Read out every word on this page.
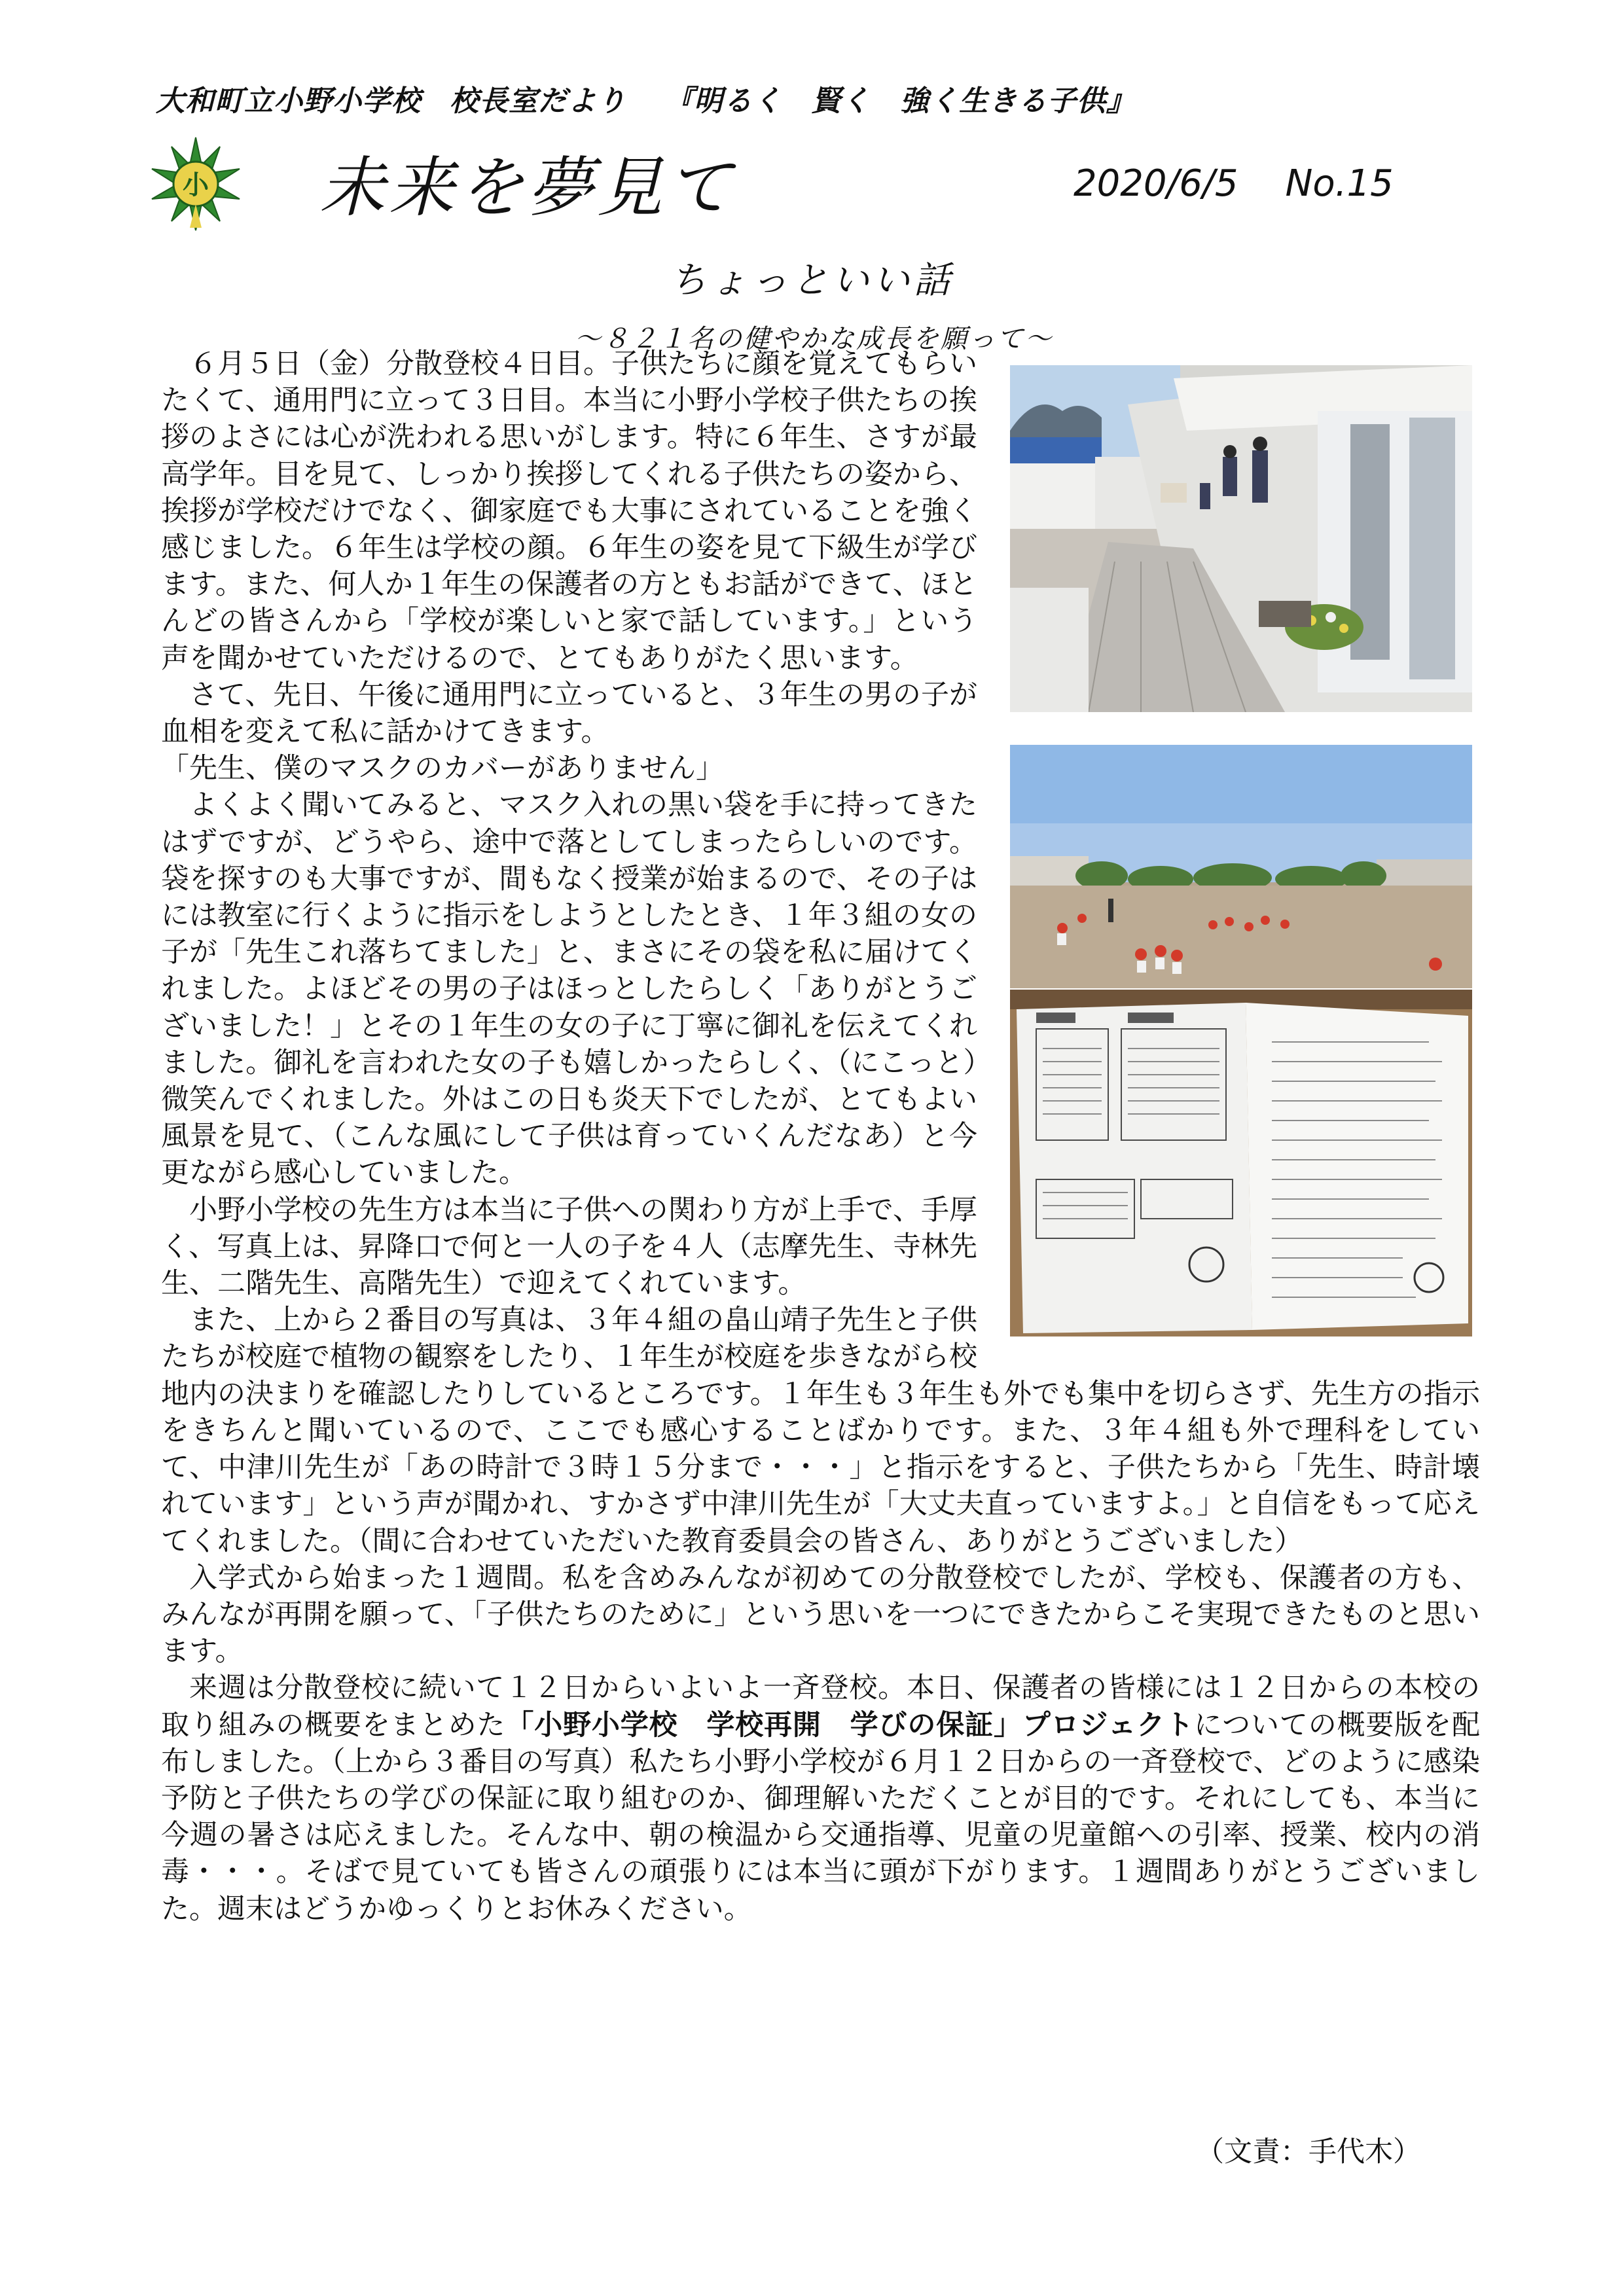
大和町立小野小学校 校長室だより 『明るく　賢く　強く生きる子供』
小 未来を夢見て	2020/6/5 No.15
ちょっといい話
～８２１名の健やかな成長を願って～

６月５日（金）分散登校４日目。子供たちに顔を覚えてもらいたくて、通用門に立って３日目。本当に小野小学校子供たちの挨拶のよさには心が洗われる思いがします。特に６年生、さすが最高学年。目を見て、しっかり挨拶してくれる子供たちの姿から、挨拶が学校だけでなく、御家庭でも大事にされていることを強く感じました。６年生は学校の顔。６年生の姿を見て下級生が学びます。また、何人か１年生の保護者の方ともお話ができて、ほとんどの皆さんから「学校が楽しいと家で話しています。」という声を聞かせていただけるので、とてもありがたく思います。

さて、先日、午後に通用門に立っていると、３年生の男の子が血相を変えて私に話かけてきます。

「先生、僕のマスクのカバーがありません」

よくよく聞いてみると、マスク入れの黒い袋を手に持ってきたはずですが、どうやら、途中で落としてしまったらしいのです。袋を探すのも大事ですが、間もなく授業が始まるので、その子はには教室に行くように指示をしようとしたとき、１年３組の女の子が「先生これ落ちてました」と、まさにその袋を私に届けてくれました。よほどその男の子はほっとしたらしく「ありがとうございました！」とその１年生の女の子に丁寧に御礼を伝えてくれました。御礼を言われた女の子も嬉しかったらしく、（にこっと）微笑んでくれました。外はこの日も炎天下でしたが、とてもよい風景を見て、（こんな風にして子供は育っていくんだなあ）と今更ながら感心していました。

小野小学校の先生方は本当に子供への関わり方が上手で、手厚く、写真上は、昇降口で何と一人の子を４人（志摩先生、寺林先生、二階先生、高階先生）で迎えてくれています。

また、上から２番目の写真は、３年４組の畠山靖子先生と子供たちが校庭で植物の観察をしたり、１年生が校庭を歩きながら校地内の決まりを確認したりしているところです。１年生も３年生も外でも集中を切らさず、先生方の指示をきちんと聞いているので、ここでも感心することばかりです。また、３年４組も外で理科をしていて、中津川先生が「あの時計で３時１５分まで・・・」と指示をすると、子供たちから「先生、時計壊れています」という声が聞かれ、すかさず中津川先生が「大丈夫直っていますよ。」と自信をもって応えてくれました。（間に合わせていただいた教育委員会の皆さん、ありがとうございました）

入学式から始まった１週間。私を含めみんなが初めての分散登校でしたが、学校も、保護者の方も、みんなが再開を願って、「子供たちのために」という思いを一つにできたからこそ実現できたものと思います。

来週は分散登校に続いて１２日からいよいよ一斉登校。本日、保護者の皆様には１２日からの本校の取り組みの概要をまとめた「小野小学校　学校再開　学びの保証」プロジェクトについての概要版を配布しました。（上から３番目の写真）私たち小野小学校が６月１２日からの一斉登校で、どのように感染予防と子供たちの学びの保証に取り組むのか、御理解いただくことが目的です。それにしても、本当に今週の暑さは応えました。そんな中、朝の検温から交通指導、児童の児童館への引率、授業、校内の消毒・・・。そばで見ていても皆さんの頑張りには本当に頭が下がります。１週間ありがとうございました。週末はどうかゆっくりとお休みください。

（文責：手代木）
